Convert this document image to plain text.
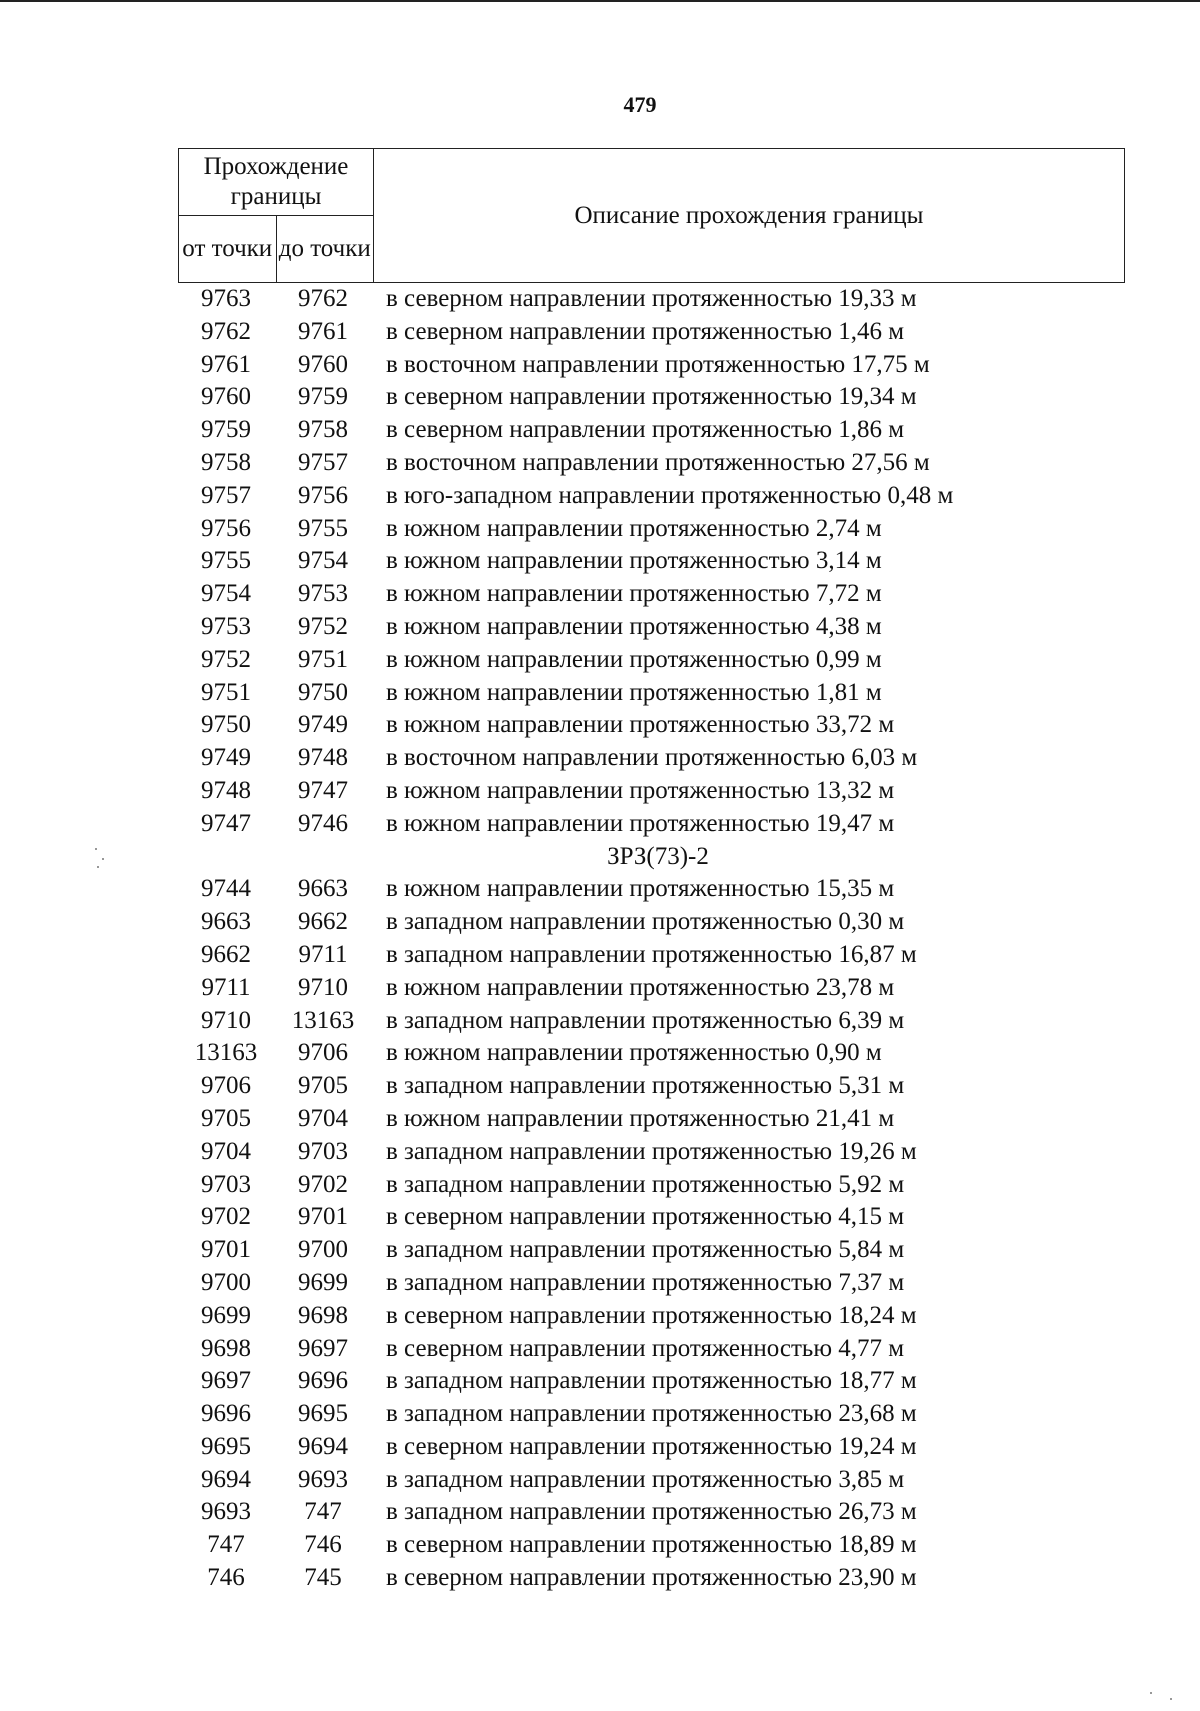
479
Прохождение границы		Описание прохождения границы
от точки	до точки	
9763	9762	в северном направлении протяженностью 19,33 м
9762	9761	в северном направлении протяженностью 1,46 м
9761	9760	в восточном направлении протяженностью 17,75 м
9760	9759	в северном направлении протяженностью 19,34 м
9759	9758	в северном направлении протяженностью 1,86 м
9758	9757	в восточном направлении протяженностью 27,56 м
9757	9756	в юго-западном направлении протяженностью 0,48 м
9756	9755	в южном направлении протяженностью 2,74 м
9755	9754	в южном направлении протяженностью 3,14 м
9754	9753	в южном направлении протяженностью 7,72 м
9753	9752	в южном направлении протяженностью 4,38 м
9752	9751	в южном направлении протяженностью 0,99 м
9751	9750	в южном направлении протяженностью 1,81 м
9750	9749	в южном направлении протяженностью 33,72 м
9749	9748	в восточном направлении протяженностью 6,03 м
9748	9747	в южном направлении протяженностью 13,32 м
9747	9746	в южном направлении протяженностью 19,47 м
ЗРЗ(73)-2
9744	9663	в южном направлении протяженностью 15,35 м
9663	9662	в западном направлении протяженностью 0,30 м
9662	9711	в западном направлении протяженностью 16,87 м
9711	9710	в южном направлении протяженностью 23,78 м
9710	13163	в западном направлении протяженностью 6,39 м
13163	9706	в южном направлении протяженностью 0,90 м
9706	9705	в западном направлении протяженностью 5,31 м
9705	9704	в южном направлении протяженностью 21,41 м
9704	9703	в западном направлении протяженностью 19,26 м
9703	9702	в западном направлении протяженностью 5,92 м
9702	9701	в северном направлении протяженностью 4,15 м
9701	9700	в западном направлении протяженностью 5,84 м
9700	9699	в западном направлении протяженностью 7,37 м
9699	9698	в северном направлении протяженностью 18,24 м
9698	9697	в северном направлении протяженностью 4,77 м
9697	9696	в западном направлении протяженностью 18,77 м
9696	9695	в западном направлении протяженностью 23,68 м
9695	9694	в северном направлении протяженностью 19,24 м
9694	9693	в западном направлении протяженностью 3,85 м
9693	747	в западном направлении протяженностью 26,73 м
747	746	в северном направлении протяженностью 18,89 м
746	745	в северном направлении протяженностью 23,90 м
